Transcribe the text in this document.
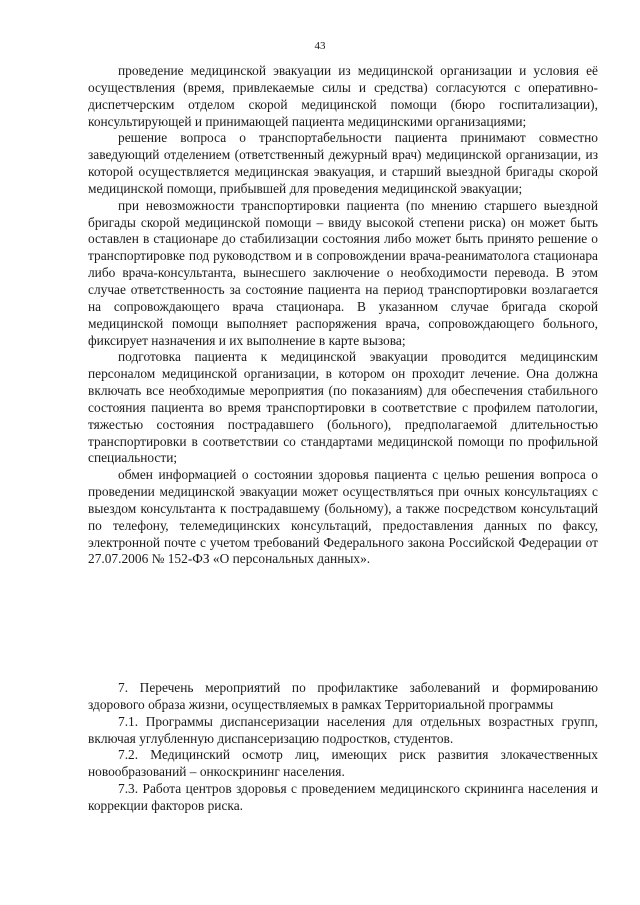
43

проведение медицинской эвакуации из медицинской организации и условия её осуществления (время, привлекаемые силы и средства) согласуются с оперативно-диспетчерским отделом скорой медицинской помощи (бюро госпитализации), консультирующей и принимающей пациента медицинскими организациями;

решение вопроса о транспортабельности пациента принимают совместно заведующий отделением (ответственный дежурный врач) медицинской организации, из которой осуществляется медицинская эвакуация, и старший выездной бригады скорой медицинской помощи, прибывшей для проведения медицинской эвакуации;

при невозможности транспортировки пациента (по мнению старшего выездной бригады скорой медицинской помощи – ввиду высокой степени риска) он может быть оставлен в стационаре до стабилизации состояния либо может быть принято решение о транспортировке под руководством и в сопровождении врача-реаниматолога стационара либо врача-консультанта, вынесшего заключение о необходимости перевода. В этом случае ответственность за состояние пациента на период транспортировки возлагается на сопровождающего врача стационара. В указанном случае бригада скорой медицинской помощи выполняет распоряжения врача, сопровождающего больного, фиксирует назначения и их выполнение в карте вызова;

подготовка пациента к медицинской эвакуации проводится медицинским персоналом медицинской организации, в котором он проходит лечение. Она должна включать все необходимые мероприятия (по показаниям) для обеспечения стабильного состояния пациента во время транспортировки в соответствие с профилем патологии, тяжестью состояния пострадавшего (больного), предполагаемой длительностью транспортировки в соответствии со стандартами медицинской помощи по профильной специальности;

обмен информацией о состоянии здоровья пациента с целью решения вопроса о проведении медицинской эвакуации может осуществляться при очных консультациях с выездом консультанта к пострадавшему (больному), а также посредством консультаций по телефону, телемедицинских консультаций, предоставления данных по факсу, электронной почте с учетом требований Федерального закона Российской Федерации от 27.07.2006 № 152-ФЗ «О персональных данных».

7. Перечень мероприятий по профилактике заболеваний и формированию здорового образа жизни, осуществляемых в рамках Территориальной программы

7.1. Программы диспансеризации населения для отдельных возрастных групп, включая углубленную диспансеризацию подростков, студентов.

7.2. Медицинский осмотр лиц, имеющих риск развития злокачественных новообразований – онкоскрининг населения.

7.3. Работа центров здоровья с проведением медицинского скрининга населения и коррекции факторов риска.
